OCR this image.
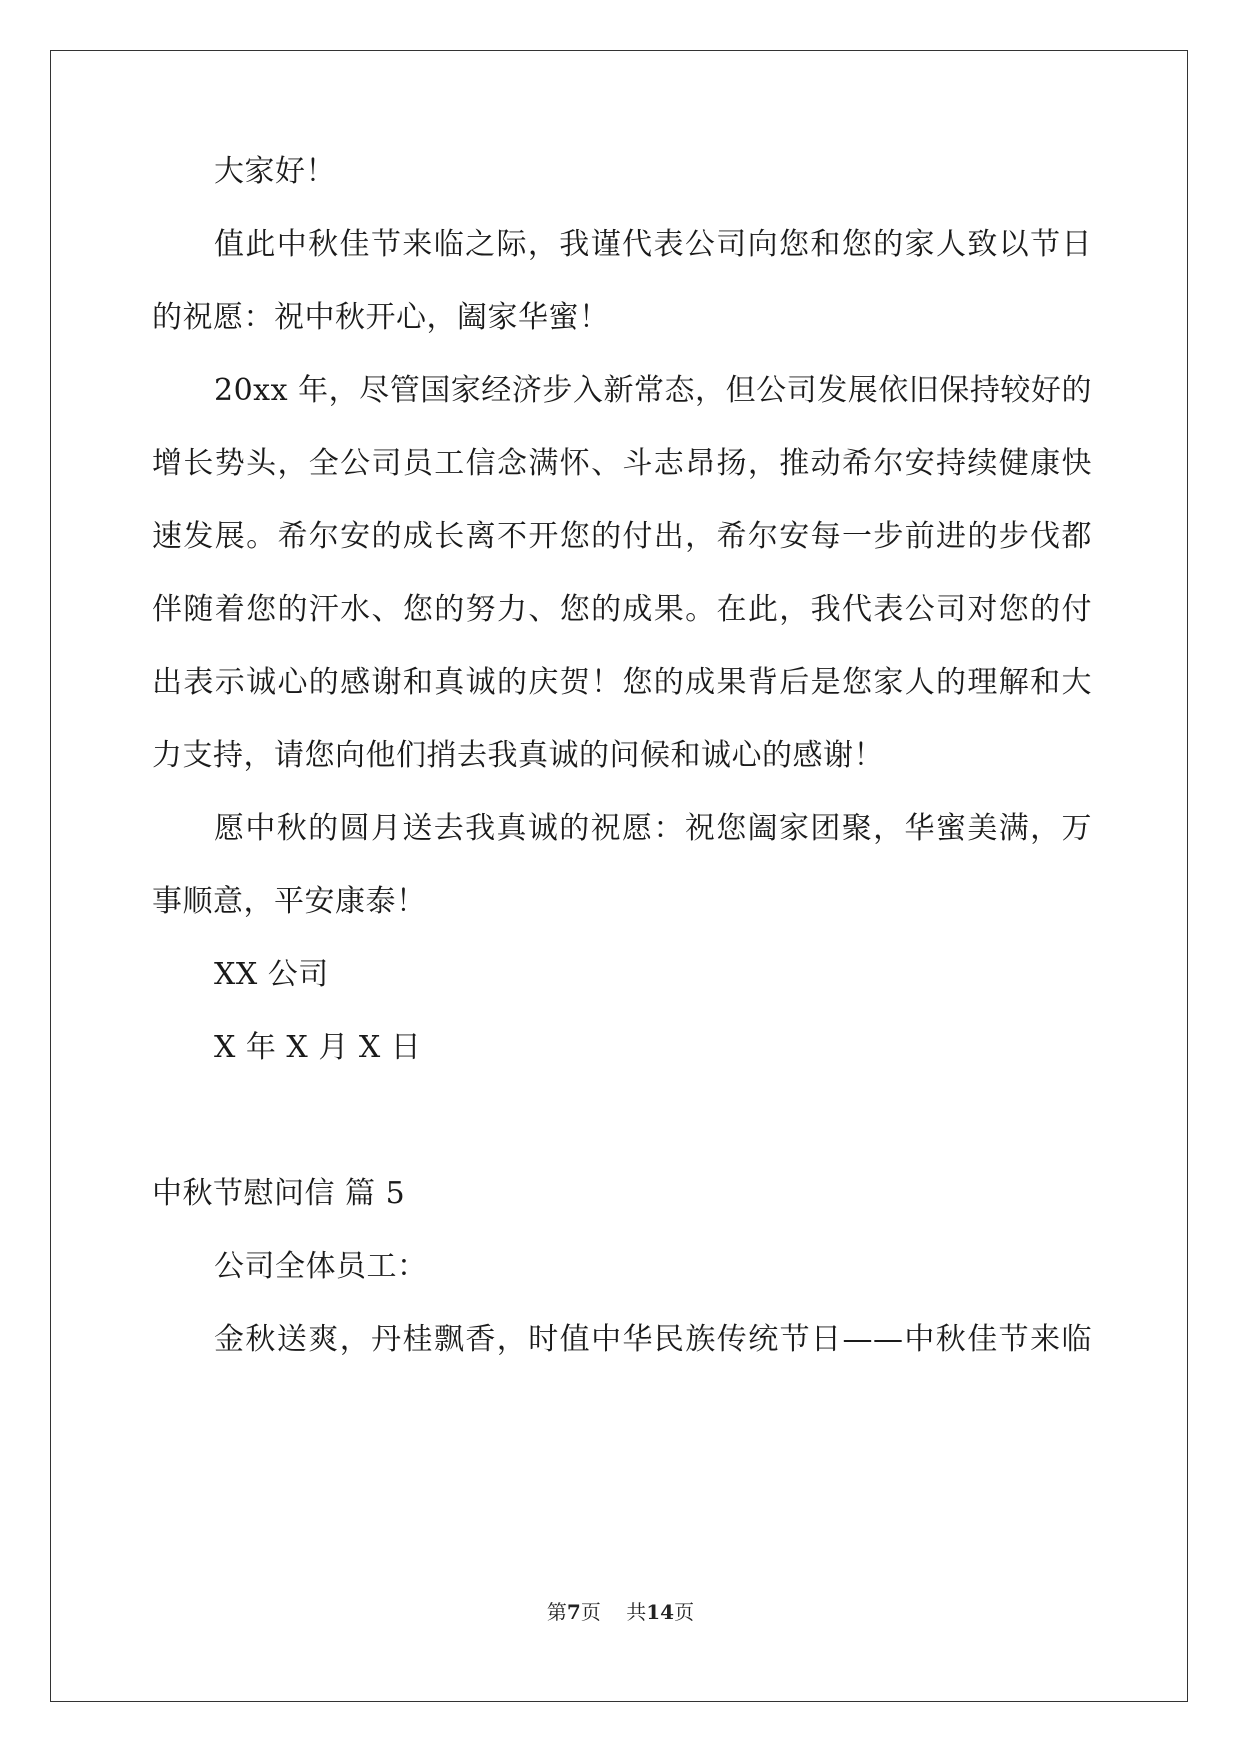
大家好！
值此中秋佳节来临之际，我谨代表公司向您和您的家人致以节日
的祝愿：祝中秋开心，阖家华蜜！
20xx 年，尽管国家经济步入新常态，但公司发展依旧保持较好的
增长势头，全公司员工信念满怀、斗志昂扬，推动希尔安持续健康快
速发展。希尔安的成长离不开您的付出，希尔安每一步前进的步伐都
伴随着您的汗水、您的努力、您的成果。在此，我代表公司对您的付
出表示诚心的感谢和真诚的庆贺！您的成果背后是您家人的理解和大
力支持，请您向他们捎去我真诚的问候和诚心的感谢！
愿中秋的圆月送去我真诚的祝愿：祝您阖家团聚，华蜜美满，万
事顺意，平安康泰！
XX 公司
X 年 X 月 X 日
中秋节慰问信 篇 5
公司全体员工：
金秋送爽，丹桂飘香，时值中华民族传统节日——中秋佳节来临
第7页 共14页
